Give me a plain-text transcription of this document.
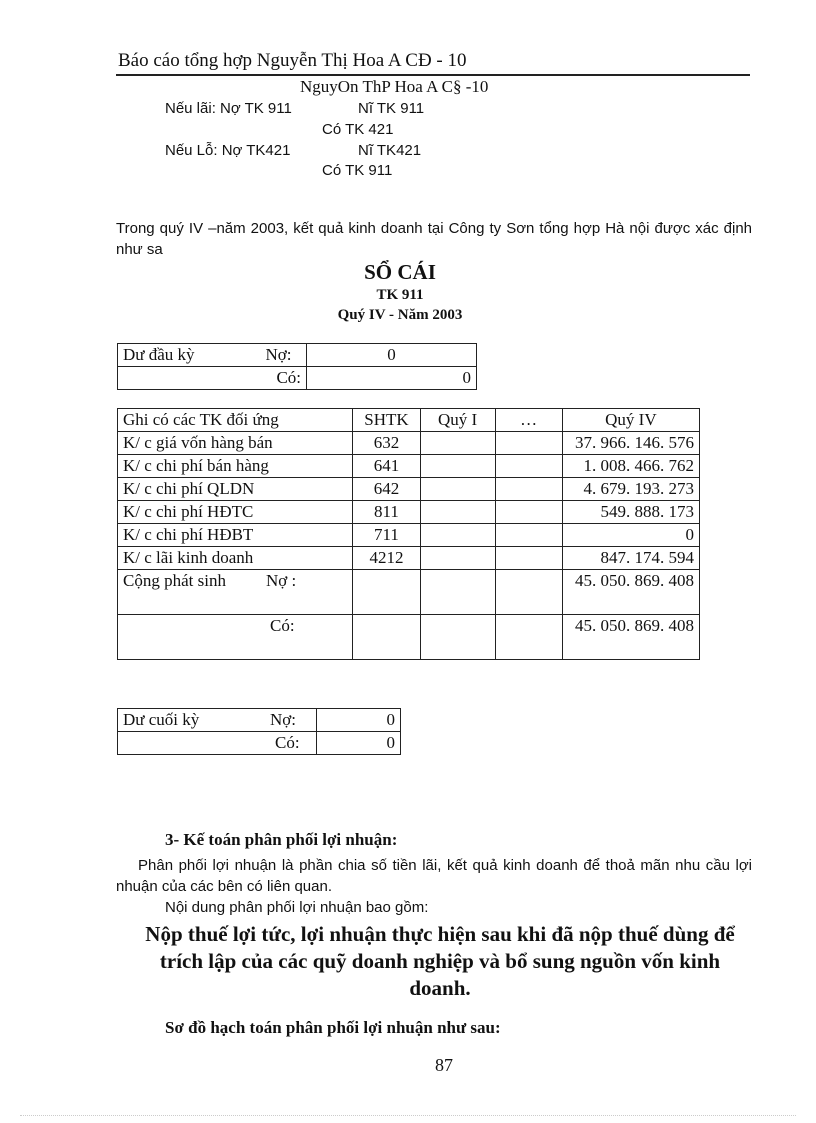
Báo cáo tổng hợp Nguyễn Thị Hoa A CĐ - 10
NguyOn ThP Hoa A C§ -10
Nếu lãi: Nợ TK 911	Nĩ TK 911
Có TK 421
Nếu Lỗ: Nợ TK421	Nĩ TK421
Có TK 911
Trong quý IV –năm 2003, kết quả kinh doanh tại Công ty Sơn tổng hợp Hà nội được xác định như sa
SỔ CÁI
TK 911
Quý IV - Năm 2003
Dư đầu kỳ Nợ:	0
Có:	0
Ghi có các TK đối ứng	SHTK	Quý I	…	Quý IV
K/ c giá vốn hàng bán	632			37. 966. 146. 576
K/ c chi phí bán hàng	641			1. 008. 466. 762
K/ c chi phí QLDN	642			4. 679. 193. 273
K/ c chi phí HĐTC	811			549. 888. 173
K/ c chi phí HĐBT	711			0
K/ c lãi kinh doanh	4212			847. 174. 594
Cộng phát sinh Nợ :				45. 050. 869. 408
Có:				45. 050. 869. 408
Dư cuối kỳ Nợ:	0
Có:	0
3- Kế toán phân phối lợi nhuận:
Phân phối lợi nhuận là phần chia số tiền lãi, kết quả kinh doanh để thoả mãn nhu cầu lợi nhuận của các bên có liên quan.
Nội dung phân phối lợi nhuận bao gồm:
Nộp thuế lợi tức, lợi nhuận thực hiện sau khi đã nộp thuế dùng để trích lập của các quỹ doanh nghiệp và bổ sung nguồn vốn kinh doanh.
Sơ đồ hạch toán phân phối lợi nhuận như sau:
87
